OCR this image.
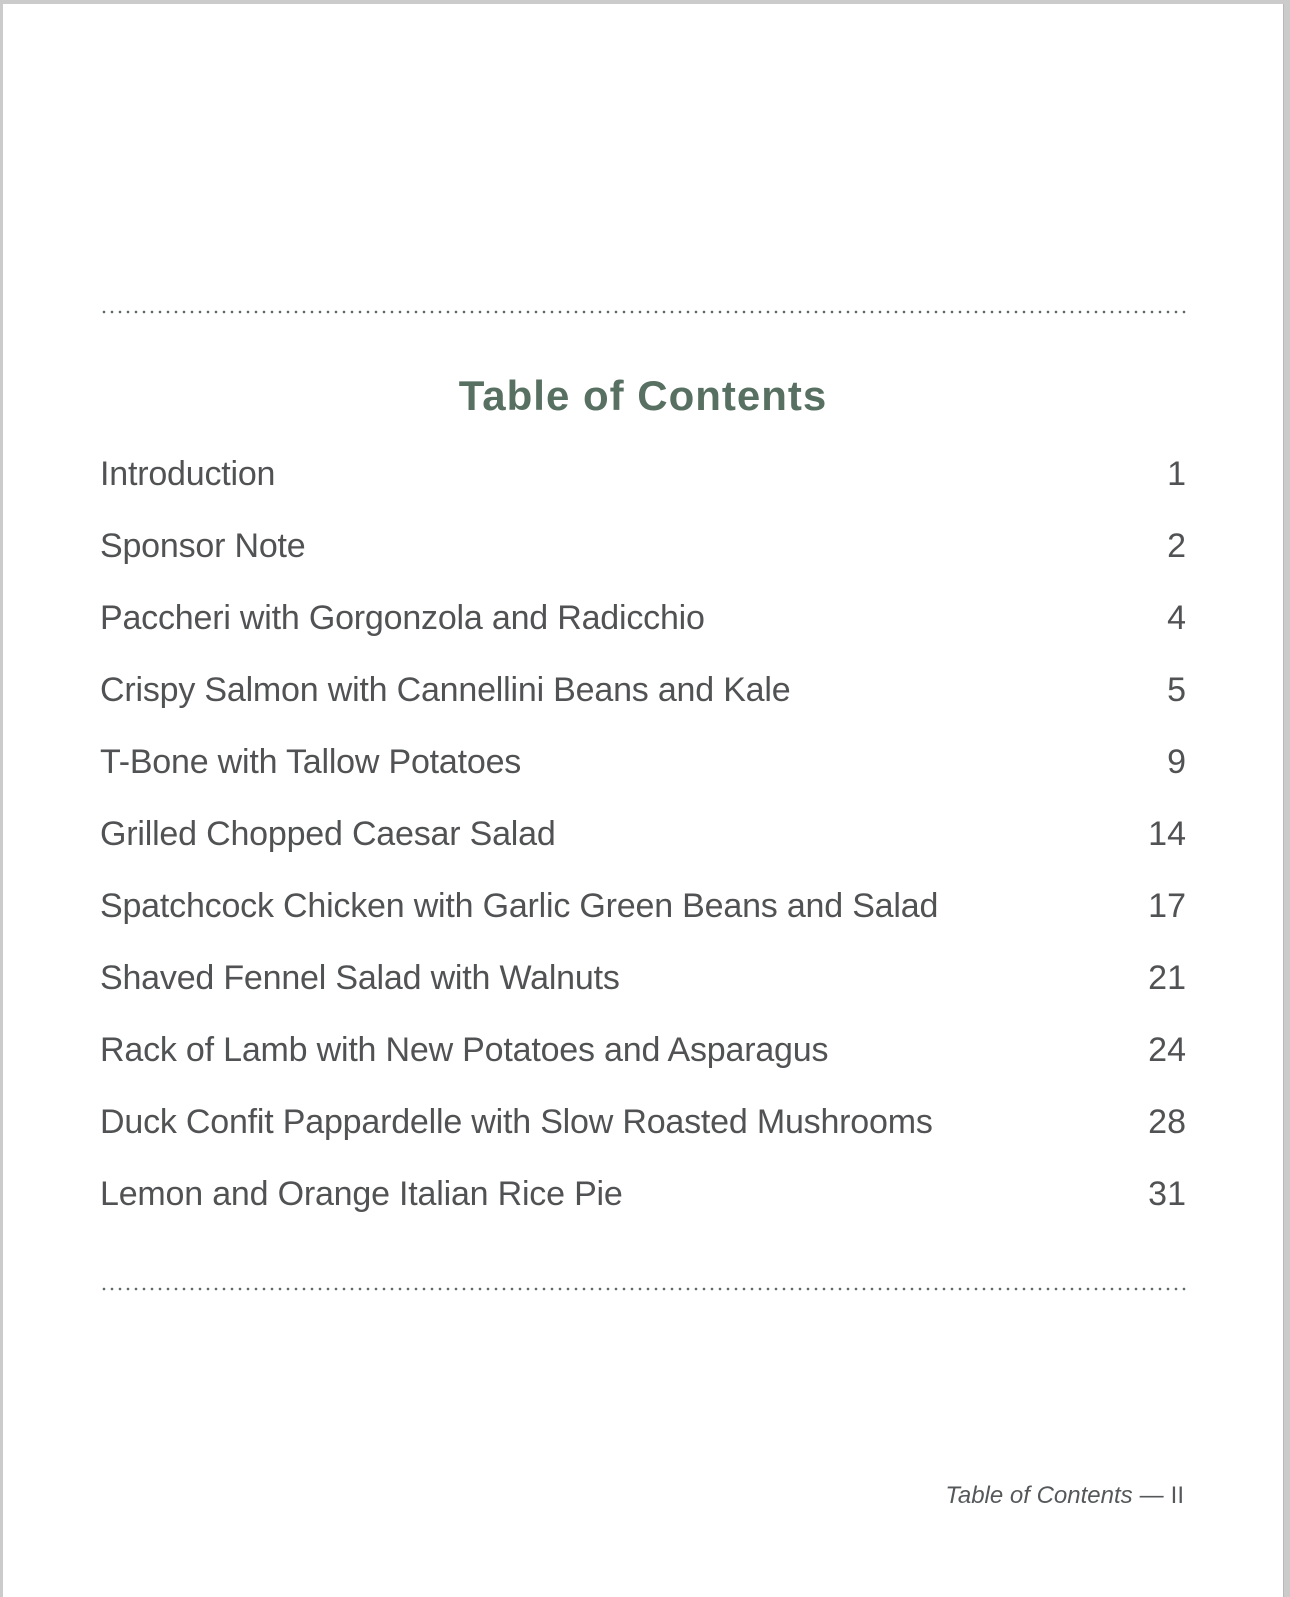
Table of Contents
Introduction	1
Sponsor Note	2
Paccheri with Gorgonzola and Radicchio	4
Crispy Salmon with Cannellini Beans and Kale	5
T-Bone with Tallow Potatoes	9
Grilled Chopped Caesar Salad	14
Spatchcock Chicken with Garlic Green Beans and Salad	17
Shaved Fennel Salad with Walnuts	21
Rack of Lamb with New Potatoes and Asparagus	24
Duck Confit Pappardelle with Slow Roasted Mushrooms	28
Lemon and Orange Italian Rice Pie	31
Table of Contents — II
